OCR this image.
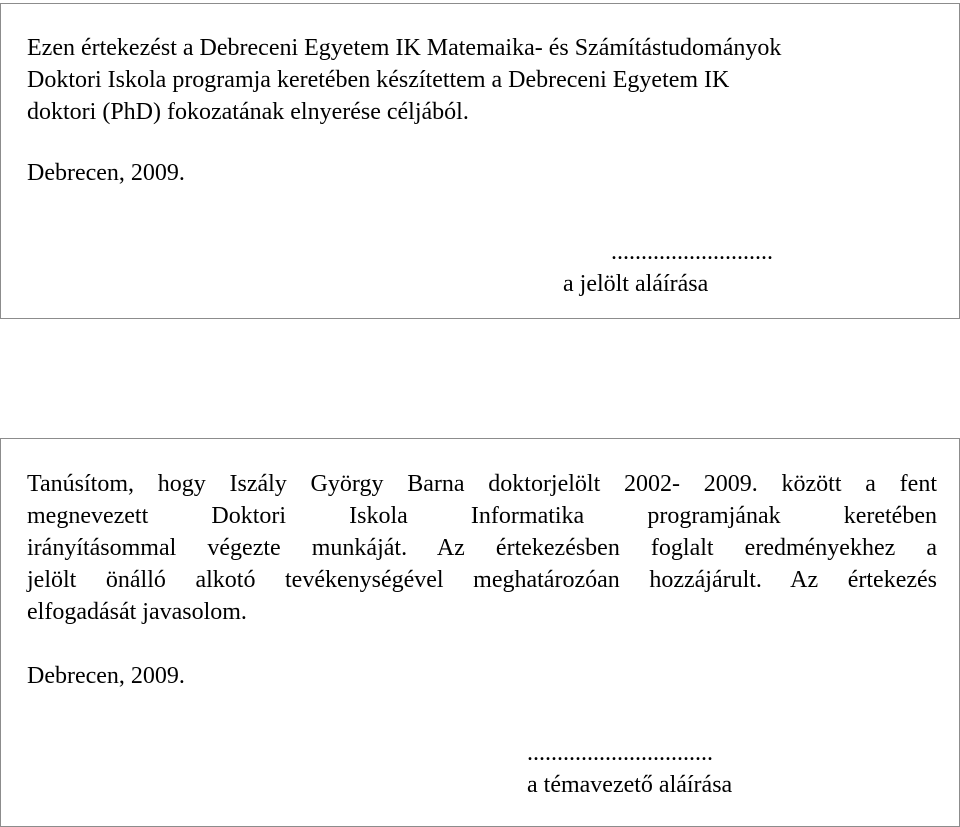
Ezen értekezést a Debreceni Egyetem IK Matemaika- és Számítástudományok
Doktori Iskola programja keretében készítettem a Debreceni Egyetem IK
doktori (PhD) fokozatának elnyerése céljából.
Debrecen, 2009.
...........................
a jelölt aláírása
Tanúsítom, hogy Iszály György Barna doktorjelölt 2002- 2009. között a fent
megnevezett Doktori Iskola Informatika programjának keretében
irányításommal végezte munkáját. Az értekezésben foglalt eredményekhez a
jelölt önálló alkotó tevékenységével meghatározóan hozzájárult. Az értekezés
elfogadását javasolom.
Debrecen, 2009.
...............................
a témavezető aláírása
